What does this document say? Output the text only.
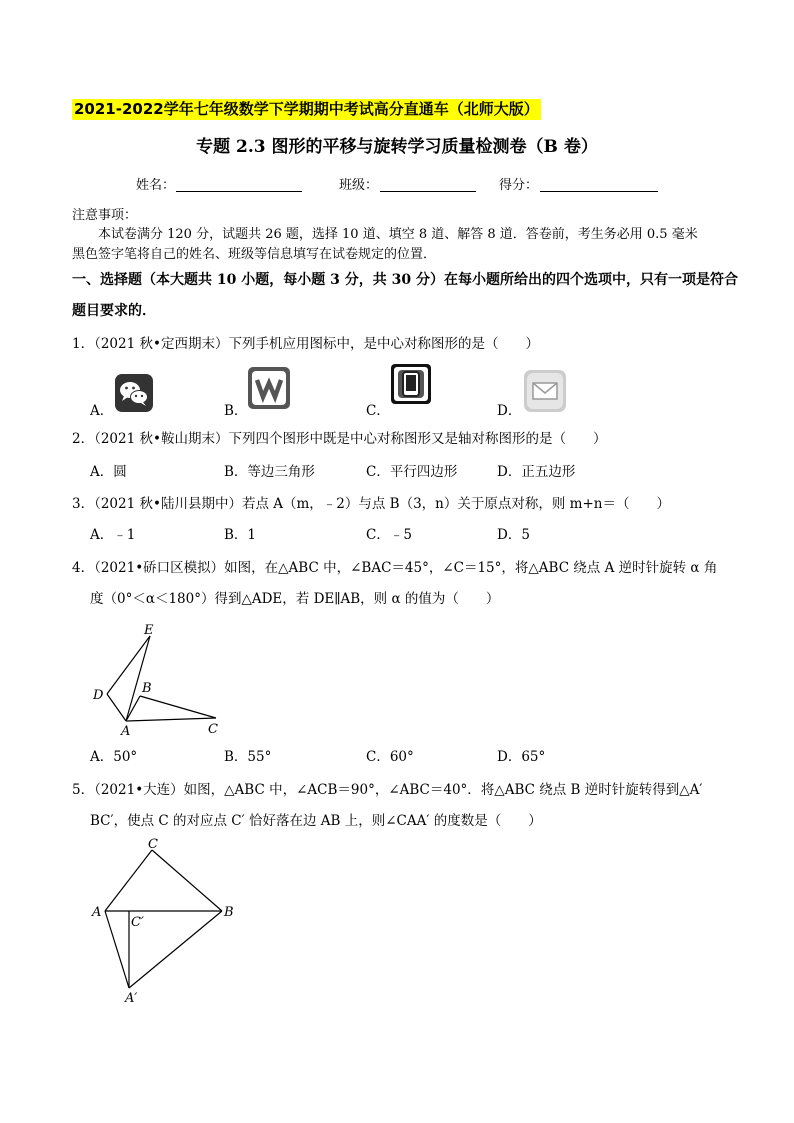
2021-2022学年七年级数学下学期期中考试高分直通车（北师大版）
专题 2.3 图形的平移与旋转学习质量检测卷（B 卷）
姓名：	班级：	得分：
注意事项：
本试卷满分 120 分，试题共 26 题，选择 10 道、填空 8 道、解答 8 道．答卷前，考生务必用 0.5 毫米
黑色签字笔将自己的姓名、班级等信息填写在试卷规定的位置．
一、选择题（本大题共 10 小题，每小题 3 分，共 30 分）在每小题所给出的四个选项中，只有一项是符合
题目要求的．
1．（2021 秋•定西期末）下列手机应用图标中，是中心对称图形的是（　　）
A．	B．	C．	D．
2．（2021 秋•鞍山期末）下列四个图形中既是中心对称图形又是轴对称图形的是（　　）
A．圆	B．等边三角形	C．平行四边形	D．正五边形
3．（2021 秋•陆川县期中）若点 A（m，﹣2）与点 B（3，n）关于原点对称，则 m+n＝（　　）
A．﹣1	B．1	C．﹣5	D．5
4．（2021•硚口区模拟）如图，在△ABC 中，∠BAC＝45°，∠C＝15°，将△ABC 绕点 A 逆时针旋转 α 角
度（0°＜α＜180°）得到△ADE，若 DE∥AB，则 α 的值为（　　）
E
D	B
A	C
A．50°	B．55°	C．60°	D．65°
5．（2021•大连）如图，△ABC 中，∠ACB＝90°，∠ABC＝40°．将△ABC 绕点 B 逆时针旋转得到△A′
BC′，使点 C 的对应点 C′ 恰好落在边 AB 上，则∠CAA′ 的度数是（　　）
C
A	B
C′
A′
